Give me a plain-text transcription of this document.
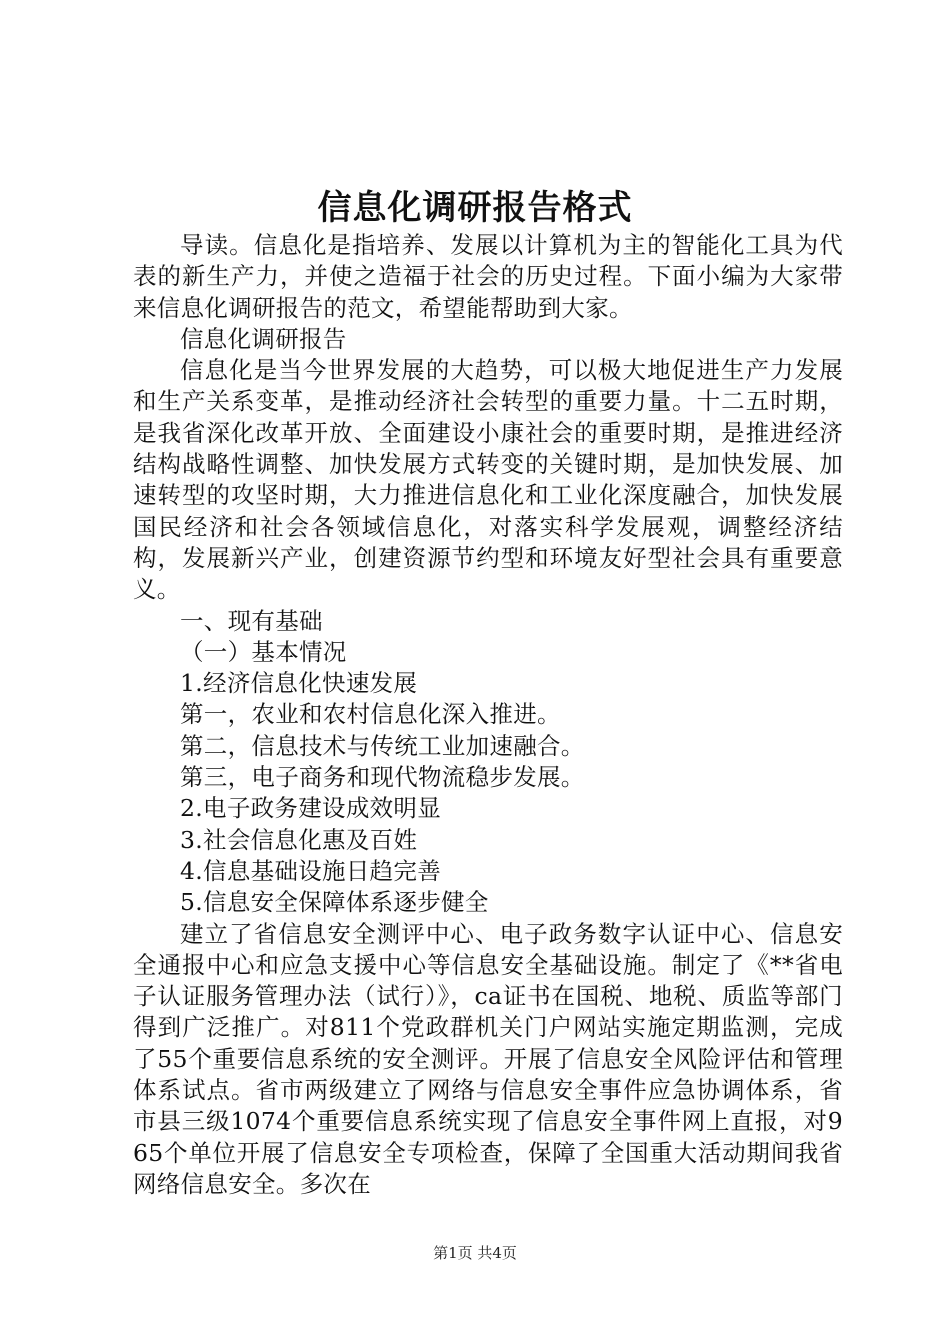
信息化调研报告格式

导读。信息化是指培养、发展以计算机为主的智能化工具为代表的新生产力，并使之造福于社会的历史过程。下面小编为大家带来信息化调研报告的范文，希望能帮助到大家。

信息化调研报告

信息化是当今世界发展的大趋势，可以极大地促进生产力发展和生产关系变革，是推动经济社会转型的重要力量。十二五时期，是我省深化改革开放、全面建设小康社会的重要时期，是推进经济结构战略性调整、加快发展方式转变的关键时期，是加快发展、加速转型的攻坚时期，大力推进信息化和工业化深度融合，加快发展国民经济和社会各领域信息化，对落实科学发展观，调整经济结构，发展新兴产业，创建资源节约型和环境友好型社会具有重要意义。

一、现有基础

（一）基本情况

1.经济信息化快速发展

第一，农业和农村信息化深入推进。

第二，信息技术与传统工业加速融合。

第三，电子商务和现代物流稳步发展。

2.电子政务建设成效明显

3.社会信息化惠及百姓

4.信息基础设施日趋完善

5.信息安全保障体系逐步健全

建立了省信息安全测评中心、电子政务数字认证中心、信息安全通报中心和应急支援中心等信息安全基础设施。制定了《**省电子认证服务管理办法（试行）》，ca证书在国税、地税、质监等部门得到广泛推广。对811个党政群机关门户网站实施定期监测，完成了55个重要信息系统的安全测评。开展了信息安全风险评估和管理体系试点。省市两级建立了网络与信息安全事件应急协调体系，省市县三级1074个重要信息系统实现了信息安全事件网上直报，对965个单位开展了信息安全专项检查，保障了全国重大活动期间我省网络信息安全。多次在

第1页 共4页
